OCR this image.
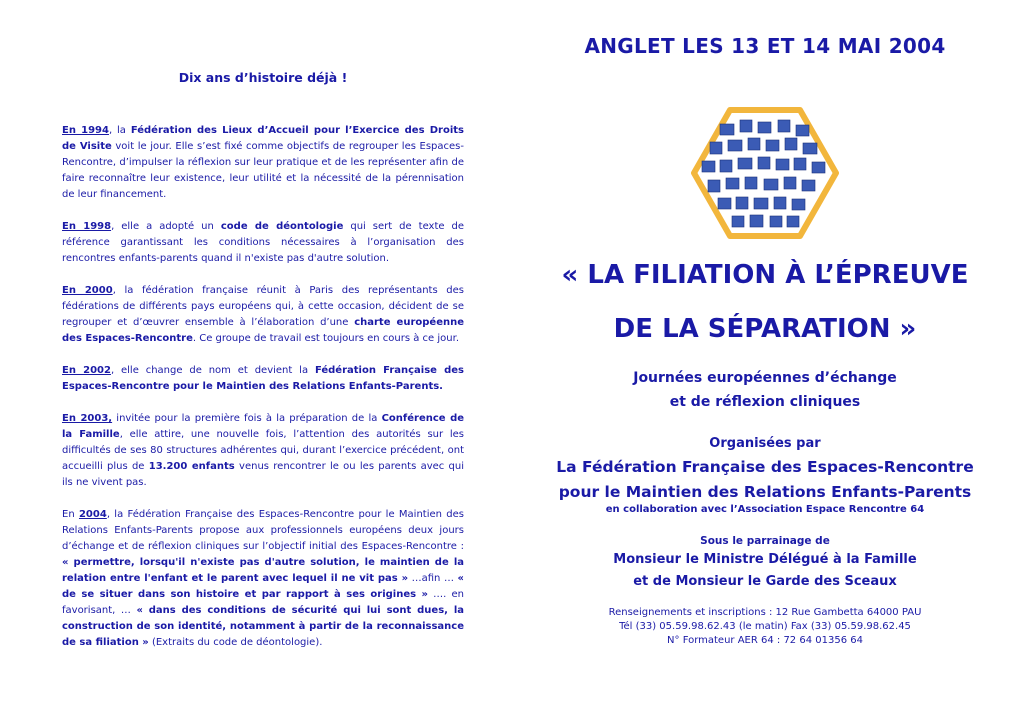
Dix ans d’histoire déjà !

En 1994, la Fédération des Lieux d’Accueil pour l’Exercice des Droits de Visite voit le jour. Elle s’est fixé comme objectifs de regrouper les Espaces-Rencontre, d’impulser la réflexion sur leur pratique et de les représenter afin de faire reconnaître leur existence, leur utilité et la nécessité de la pérennisation de leur financement.

En 1998, elle a adopté un code de déontologie qui sert de texte de référence garantissant les conditions nécessaires à l’organisation des rencontres enfants-parents quand il n'existe pas d'autre solution.

En 2000, la fédération française réunit à Paris des représentants des fédérations de différents pays européens qui, à cette occasion, décident de se regrouper et d’œuvrer ensemble à l’élaboration d’une charte européenne des Espaces-Rencontre. Ce groupe de travail est toujours en cours à ce jour.

En 2002, elle change de nom et devient la Fédération Française des Espaces-Rencontre pour le Maintien des Relations Enfants-Parents.

En 2003, invitée pour la première fois à la préparation de la Conférence de la Famille, elle attire, une nouvelle fois, l’attention des autorités sur les difficultés de ses 80 structures adhérentes qui, durant l’exercice précédent, ont accueilli plus de 13.200 enfants venus rencontrer le ou les parents avec qui ils ne vivent pas.

En 2004, la Fédération Française des Espaces-Rencontre pour le Maintien des Relations Enfants-Parents propose aux professionnels européens deux jours d’échange et de réflexion cliniques sur l’objectif initial des Espaces-Rencontre : « permettre, lorsqu'il n'existe pas d'autre solution, le maintien de la relation entre l'enfant et le parent avec lequel il ne vit pas » …afin … « de se situer dans son histoire et par rapport à ses origines » …. en favorisant, … « dans des conditions de sécurité qui lui sont dues, la construction de son identité, notamment à partir de la reconnaissance de sa filiation » (Extraits du code de déontologie).

ANGLET LES 13 ET 14 MAI 2004
« LA FILIATION À L’ÉPREUVE
DE LA SÉPARATION »
Journées européennes d’échange
et de réflexion cliniques
Organisées par
La Fédération Française des Espaces-Rencontre
pour le Maintien des Relations Enfants-Parents
en collaboration avec l’Association Espace Rencontre 64
Sous le parrainage de
Monsieur le Ministre Délégué à la Famille
et de Monsieur le Garde des Sceaux
Renseignements et inscriptions : 12 Rue Gambetta 64000 PAU
Tél (33) 05.59.98.62.43 (le matin) Fax (33) 05.59.98.62.45
N° Formateur AER 64 : 72 64 01356 64
